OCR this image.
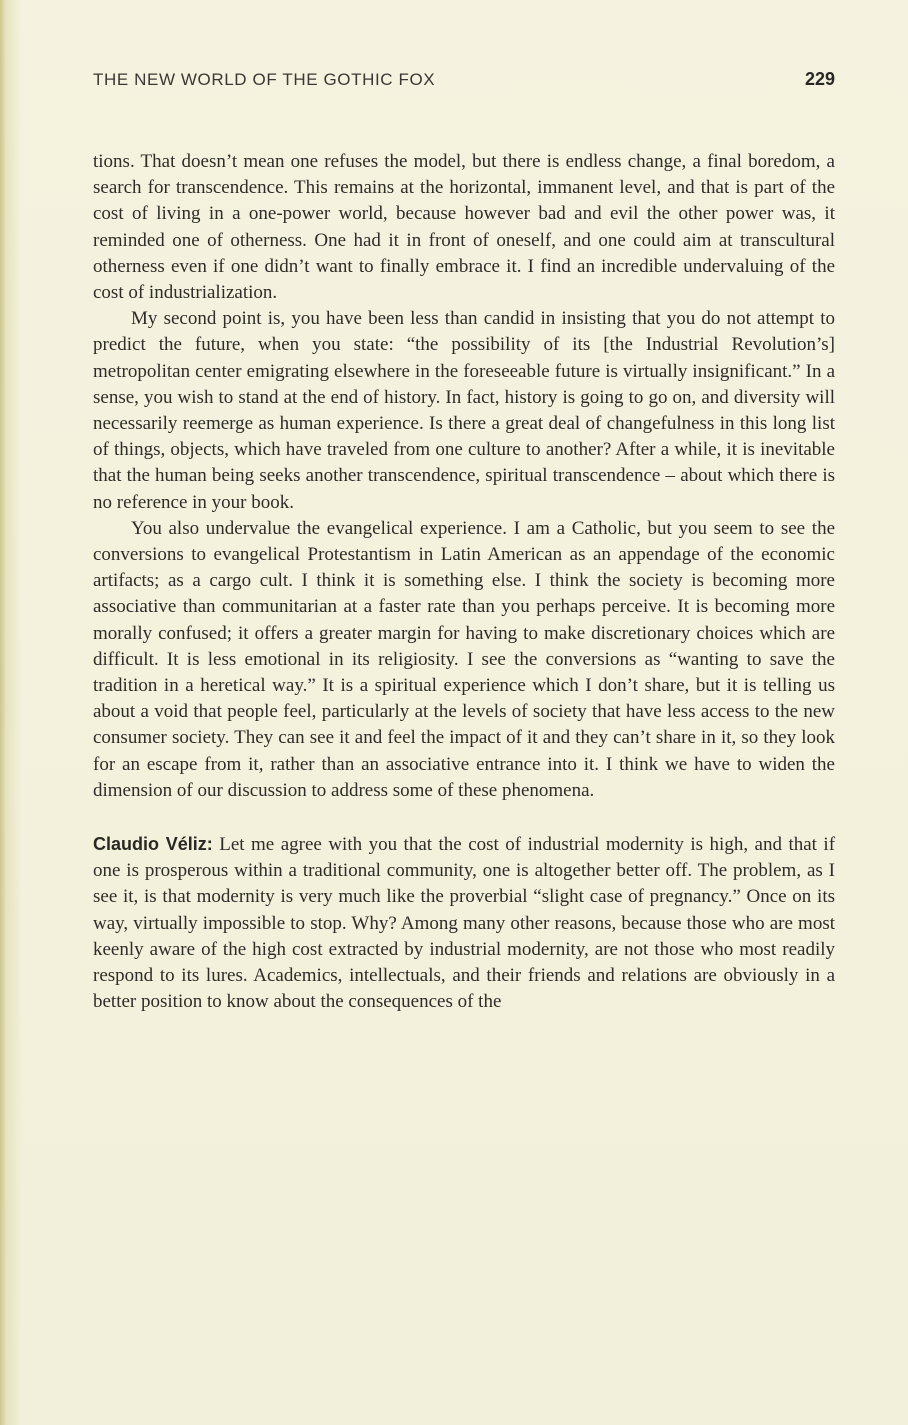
THE NEW WORLD OF THE GOTHIC FOX	229

tions. That doesn’t mean one refuses the model, but there is endless change, a final boredom, a search for transcendence. This remains at the horizontal, immanent level, and that is part of the cost of living in a one-power world, because however bad and evil the other power was, it reminded one of otherness. One had it in front of oneself, and one could aim at transcultural otherness even if one didn’t want to finally embrace it. I find an incredible undervaluing of the cost of industrialization.

My second point is, you have been less than candid in insisting that you do not attempt to predict the future, when you state: “the possibility of its [the Industrial Revolution’s] metropolitan center emigrating elsewhere in the foreseeable future is virtually insignificant.” In a sense, you wish to stand at the end of history. In fact, history is going to go on, and diversity will necessarily reemerge as human experience. Is there a great deal of changefulness in this long list of things, objects, which have traveled from one culture to another? After a while, it is inevitable that the human being seeks another transcendence, spiritual transcendence – about which there is no reference in your book.

You also undervalue the evangelical experience. I am a Catholic, but you seem to see the conversions to evangelical Protestantism in Latin American as an appendage of the economic artifacts; as a cargo cult. I think it is something else. I think the society is becoming more associative than communitarian at a faster rate than you perhaps perceive. It is becoming more morally confused; it offers a greater margin for having to make discretionary choices which are difficult. It is less emotional in its religiosity. I see the conversions as “wanting to save the tradition in a heretical way.” It is a spiritual experience which I don’t share, but it is telling us about a void that people feel, particularly at the levels of society that have less access to the new consumer society. They can see it and feel the impact of it and they can’t share in it, so they look for an escape from it, rather than an associative entrance into it. I think we have to widen the dimension of our discussion to address some of these phenomena.

Claudio Véliz: Let me agree with you that the cost of industrial modernity is high, and that if one is prosperous within a traditional community, one is altogether better off. The problem, as I see it, is that modernity is very much like the proverbial “slight case of pregnancy.” Once on its way, virtually impossible to stop. Why? Among many other reasons, because those who are most keenly aware of the high cost extracted by industrial modernity, are not those who most readily respond to its lures. Academics, intellectuals, and their friends and relations are obviously in a better position to know about the consequences of the
